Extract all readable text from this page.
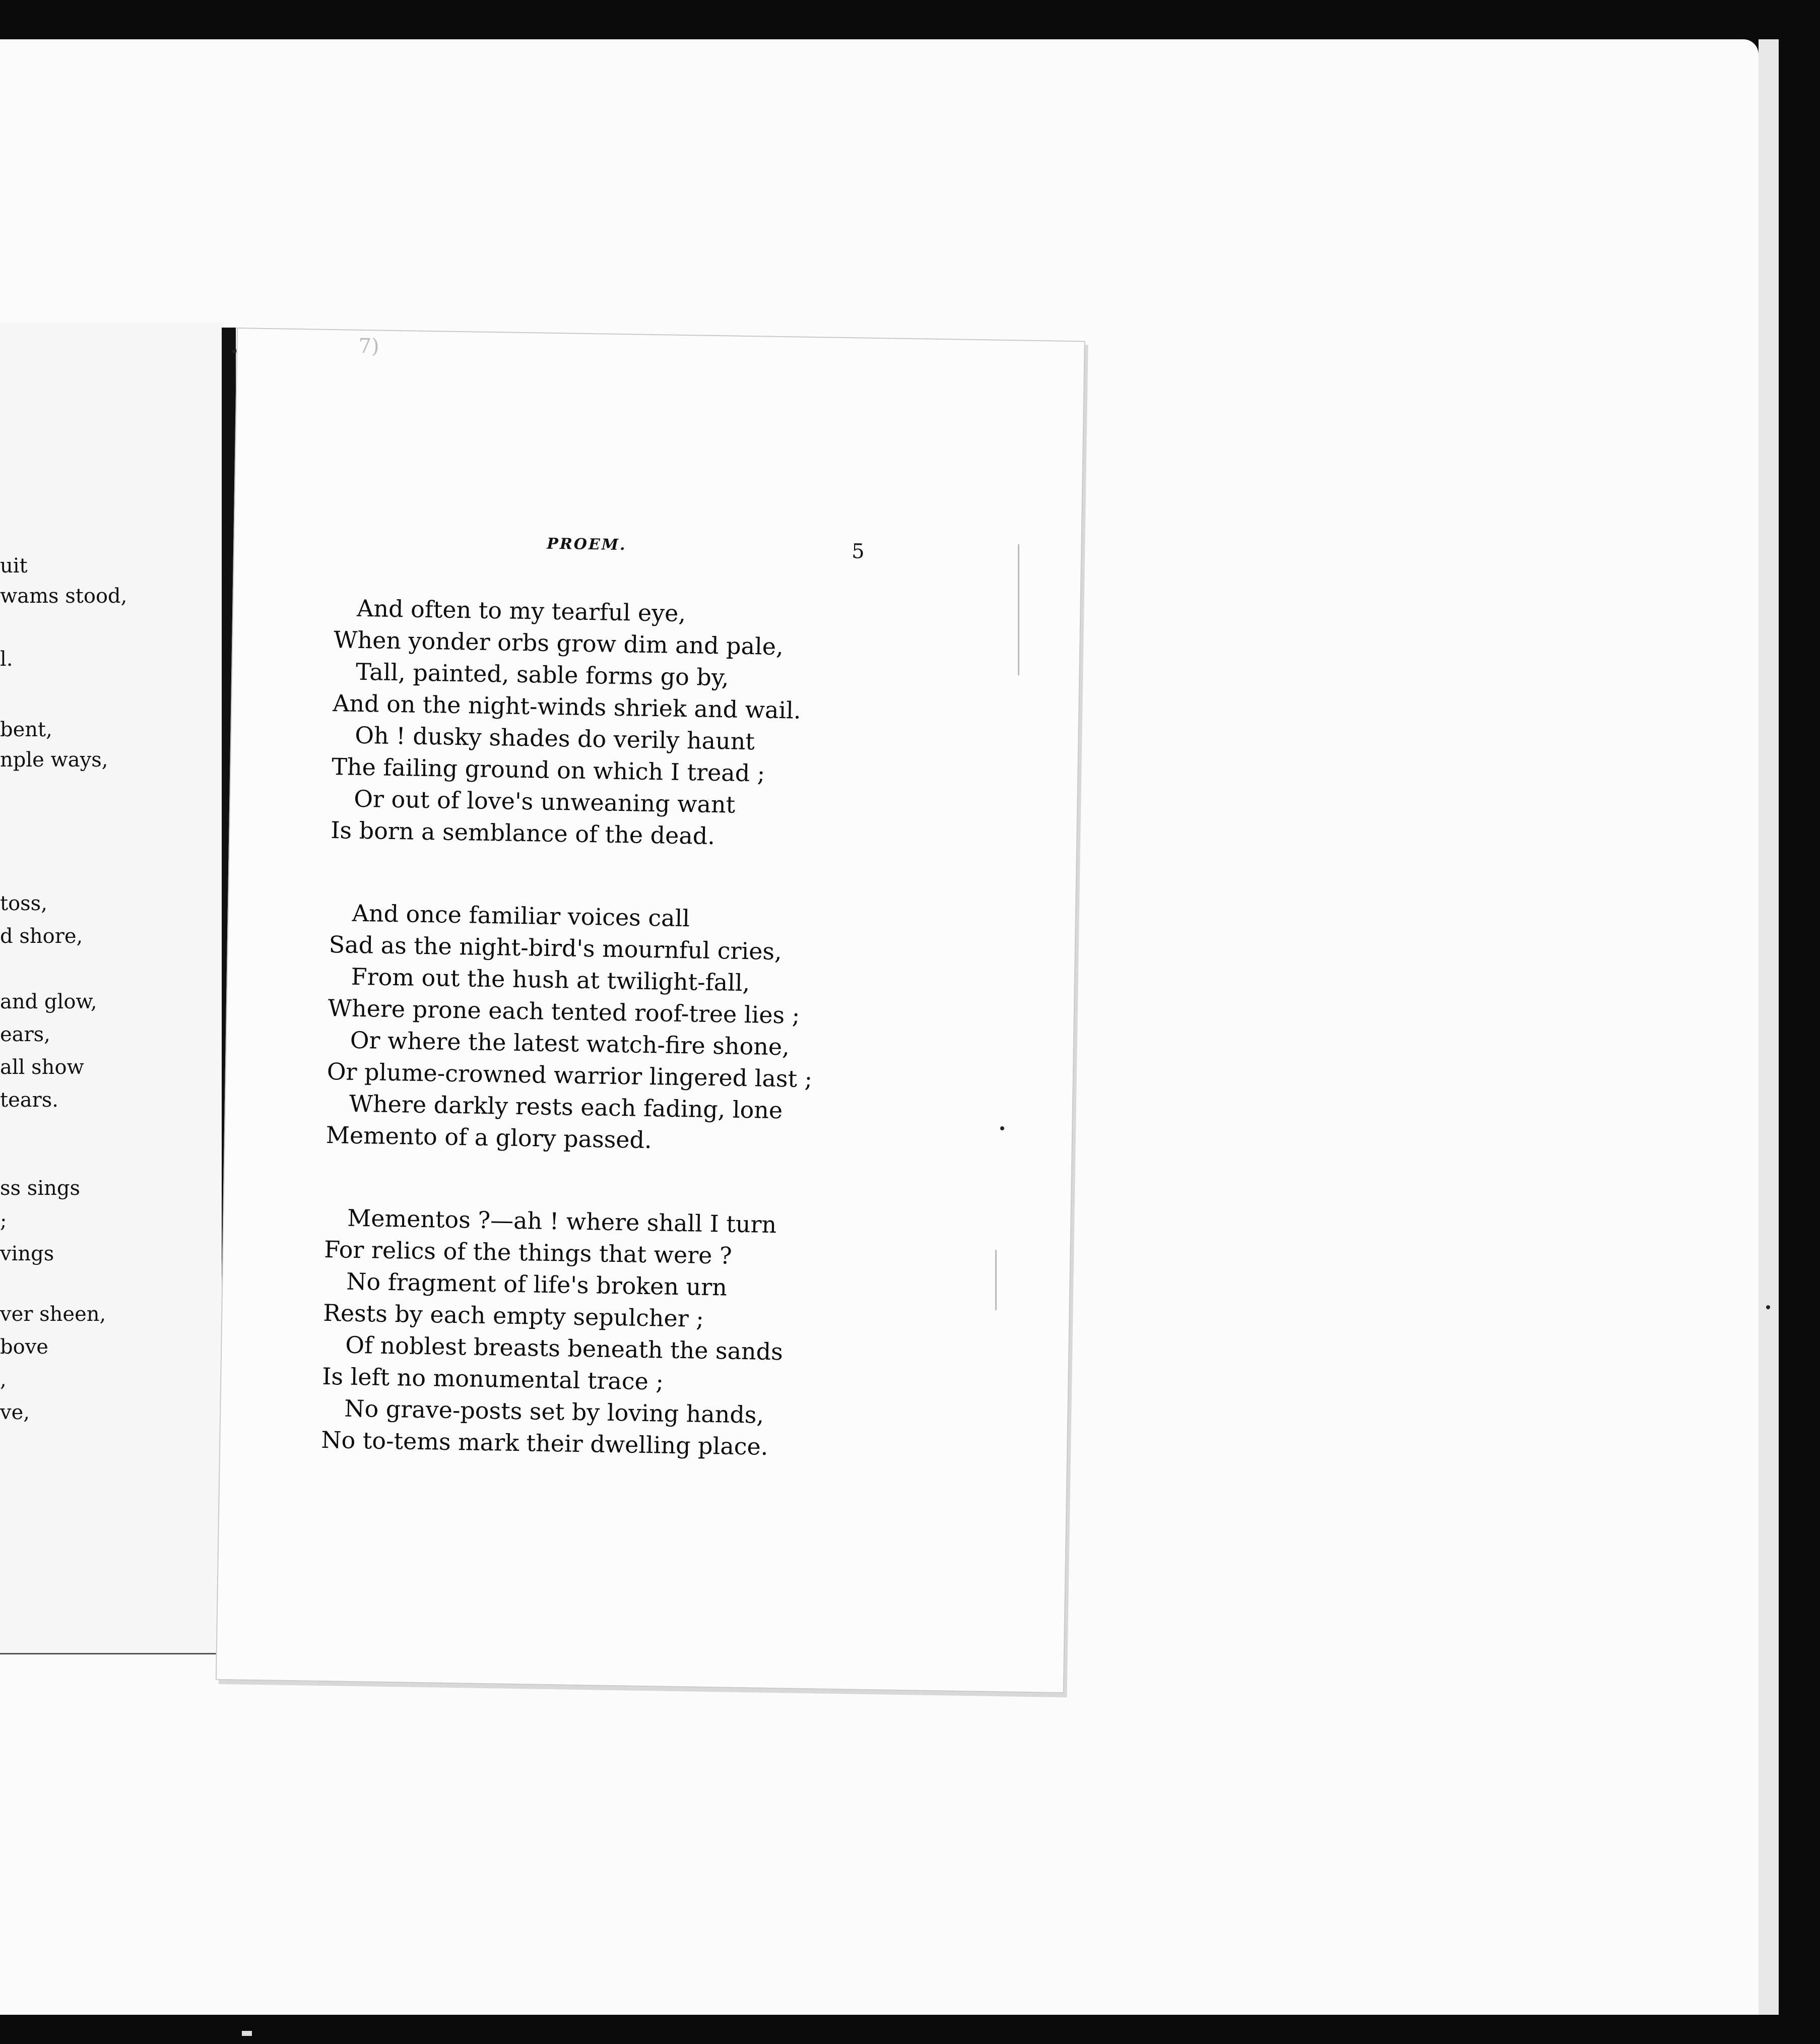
uit
wams stood,
l.
bent,
nple ways,
toss,
d shore,
and glow,
ears,
all show
tears.
ss sings
;
vings
ver sheen,
bove
,
ve,
7)
PROEM.	5
And often to my tearful eye,
When yonder orbs grow dim and pale,
Tall, painted, sable forms go by,
And on the night-winds shriek and wail.
Oh ! dusky shades do verily haunt
The failing ground on which I tread ;
Or out of love's unweaning want
Is born a semblance of the dead.
And once familiar voices call
Sad as the night-bird's mournful cries,
From out the hush at twilight-fall,
Where prone each tented roof-tree lies ;
Or where the latest watch-fire shone,
Or plume-crowned warrior lingered last ;
Where darkly rests each fading, lone
Memento of a glory passed.
Mementos ?—ah ! where shall I turn
For relics of the things that were ?
No fragment of life's broken urn
Rests by each empty sepulcher ;
Of noblest breasts beneath the sands
Is left no monumental trace ;
No grave-posts set by loving hands,
No to-tems mark their dwelling place.
